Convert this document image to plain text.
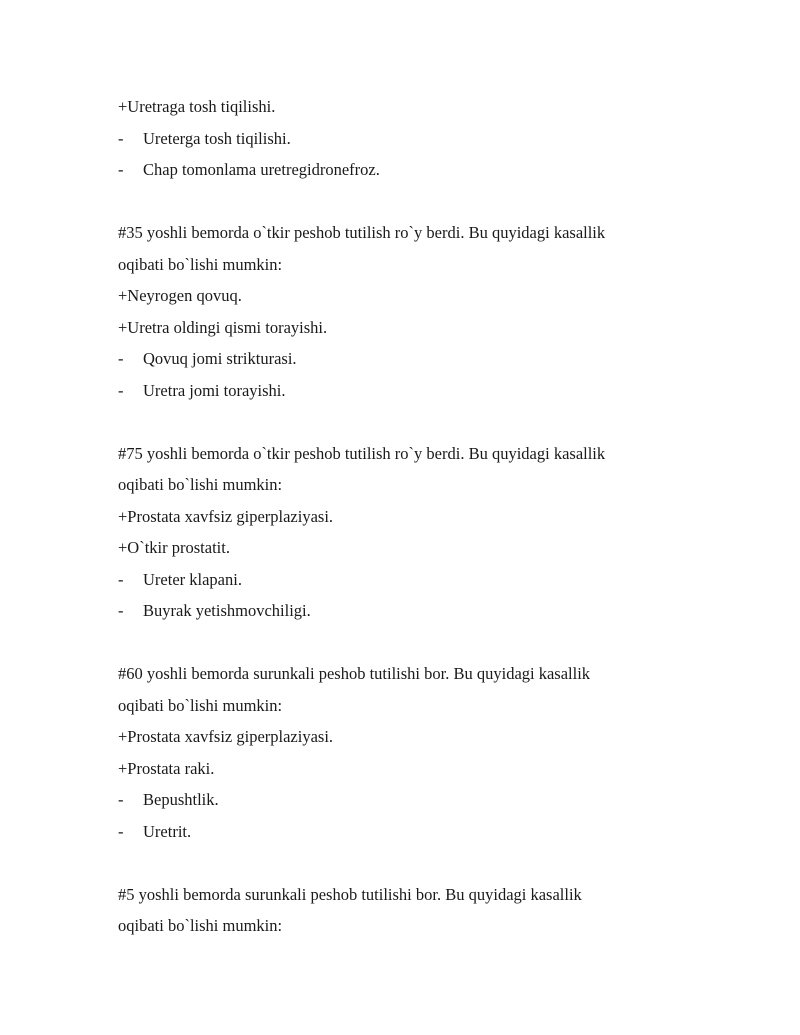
+Uretraga tosh tiqilishi.
- Ureterga tosh tiqilishi.
- Chap tomonlama uretregidronefroz.
#35 yoshli bemorda o`tkir peshob tutilish ro`y berdi. Bu quyidagi kasallik
oqibati bo`lishi mumkin:
+Neyrogen qovuq.
+Uretra oldingi qismi torayishi.
- Qovuq jomi strikturasi.
- Uretra jomi torayishi.
#75 yoshli bemorda o`tkir peshob tutilish ro`y berdi. Bu quyidagi kasallik
oqibati bo`lishi mumkin:
+Prostata xavfsiz giperplaziyasi.
+O`tkir prostatit.
- Ureter klapani.
- Buyrak yetishmovchiligi.
#60 yoshli bemorda surunkali peshob tutilishi bor. Bu quyidagi kasallik
oqibati bo`lishi mumkin:
+Prostata xavfsiz giperplaziyasi.
+Prostata raki.
- Bepushtlik.
- Uretrit.
#5 yoshli bemorda surunkali peshob tutilishi bor. Bu quyidagi kasallik
oqibati bo`lishi mumkin:
